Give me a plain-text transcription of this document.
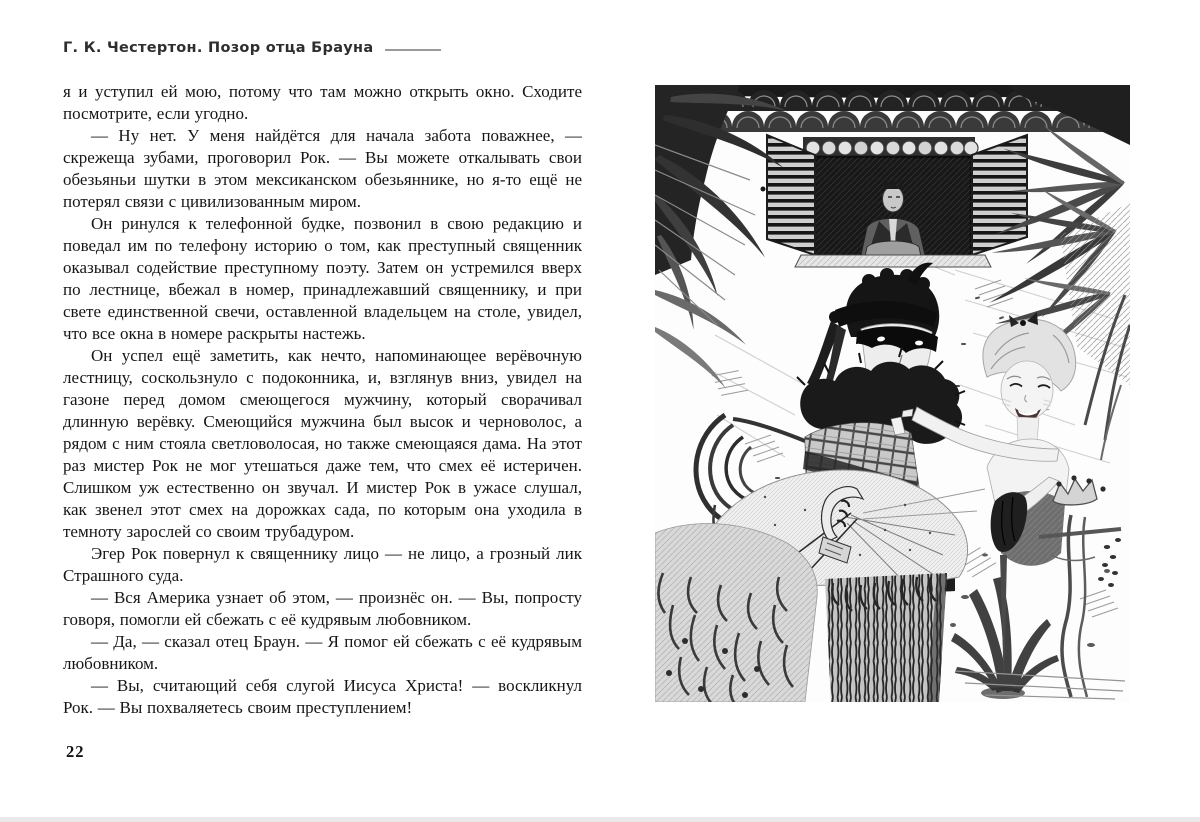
Г. К. Честертон. Позор отца Брауна

я и уступил ей мою, потому что там можно открыть окно. Сходите посмотрите, если угодно.

— Ну нет. У меня найдётся для начала забота поважнее, — скрежеща зубами, проговорил Рок. — Вы можете откалывать свои обезьяньи шутки в этом мексиканском обезьяннике, но я-то ещё не потерял связи с цивилизованным миром.

Он ринулся к телефонной будке, позвонил в свою редакцию и поведал им по телефону историю о том, как преступный священник оказывал содействие преступному поэту. Затем он устремился вверх по лестнице, вбежал в номер, принадлежавший священнику, и при свете единственной свечи, оставленной владельцем на столе, увидел, что все окна в номере раскрыты настежь.

Он успел ещё заметить, как нечто, напоминающее верёвочную лестницу, соскользнуло с подоконника, и, взглянув вниз, увидел на газоне перед домом смеющегося мужчину, который сворачивал длинную верёвку. Смеющийся мужчина был высок и черноволос, а рядом с ним стояла светловолосая, но также смеющаяся дама. На этот раз мистер Рок не мог утешаться даже тем, что смех её истеричен. Слишком уж естественно он звучал. И мистер Рок в ужасе слушал, как звенел этот смех на дорожках сада, по которым она уходила в темноту зарослей со своим трубадуром.

Эгер Рок повернул к священнику лицо — не лицо, а грозный лик Страшного суда.

— Вся Америка узнает об этом, — произнёс он. — Вы, попросту говоря, помогли ей сбежать с её кудрявым любовником.

— Да, — сказал отец Браун. — Я помог ей сбежать с её кудрявым любовником.

— Вы, считающий себя слугой Иисуса Христа! — воскликнул Рок. — Вы похваляетесь своим преступлением!

22
